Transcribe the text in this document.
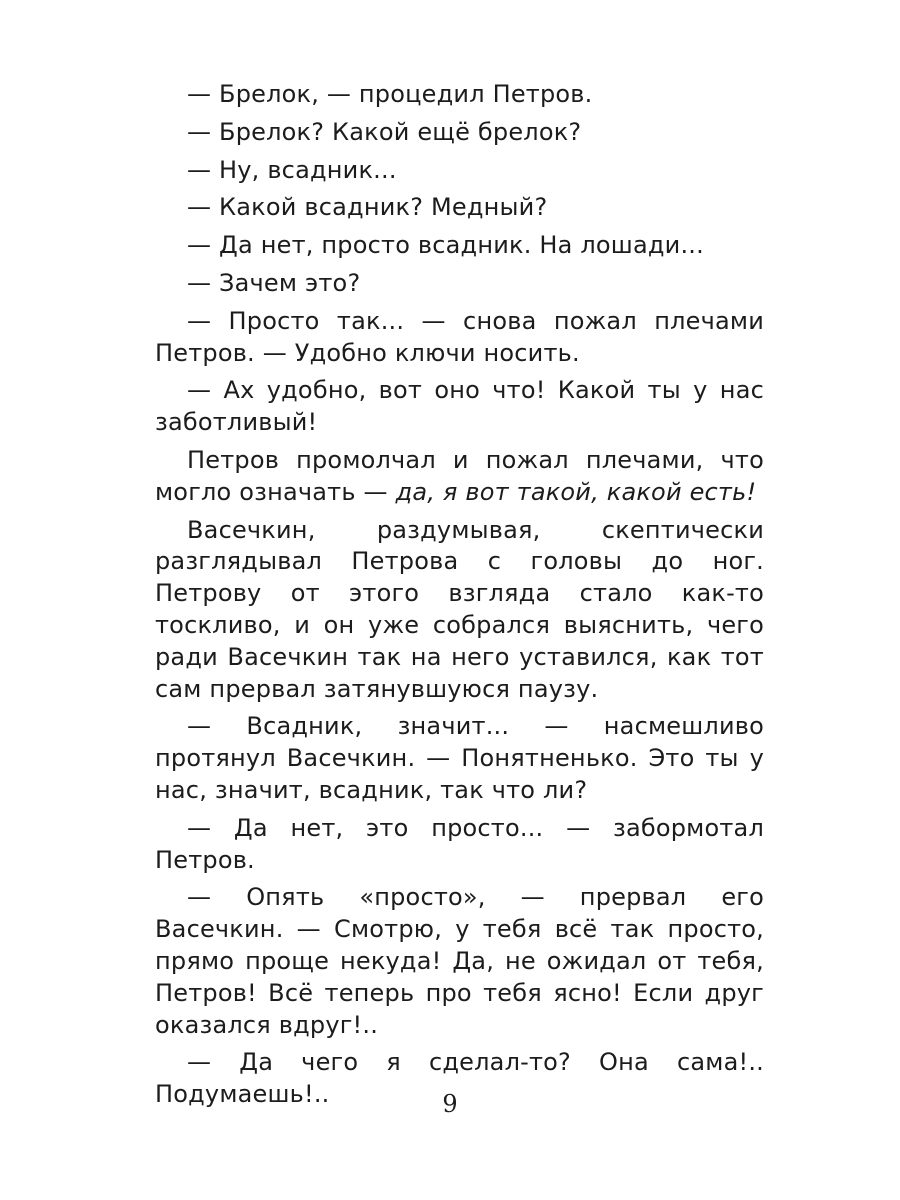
— Брелок, — процедил Петров.

— Брелок? Какой ещё брелок?

— Ну, всадник...

— Какой всадник? Медный?

— Да нет, просто всадник. На лошади...

— Зачем это?

— Просто так... — снова пожал плечами Петров. — Удобно ключи носить.

— Ах удобно, вот оно что! Какой ты у нас заботливый!

Петров промолчал и пожал плечами, что могло означать — да, я вот такой, какой есть!

Васечкин, раздумывая, скептически разглядывал Петрова с головы до ног. Петрову от этого взгляда стало как-то тоскливо, и он уже собрался выяснить, чего ради Васечкин так на него уставился, как тот сам прервал затянувшуюся паузу.

— Всадник, значит... — насмешливо протянул Васечкин. — Понятненько. Это ты у нас, значит, всадник, так что ли?

— Да нет, это просто... — забормотал Петров.

— Опять «просто», — прервал его Васечкин. — Смотрю, у тебя всё так просто, прямо проще некуда! Да, не ожидал от тебя, Петров! Всё теперь про тебя ясно! Если друг оказался вдруг!..

— Да чего я сделал-то? Она сама!.. Подумаешь!..	9
